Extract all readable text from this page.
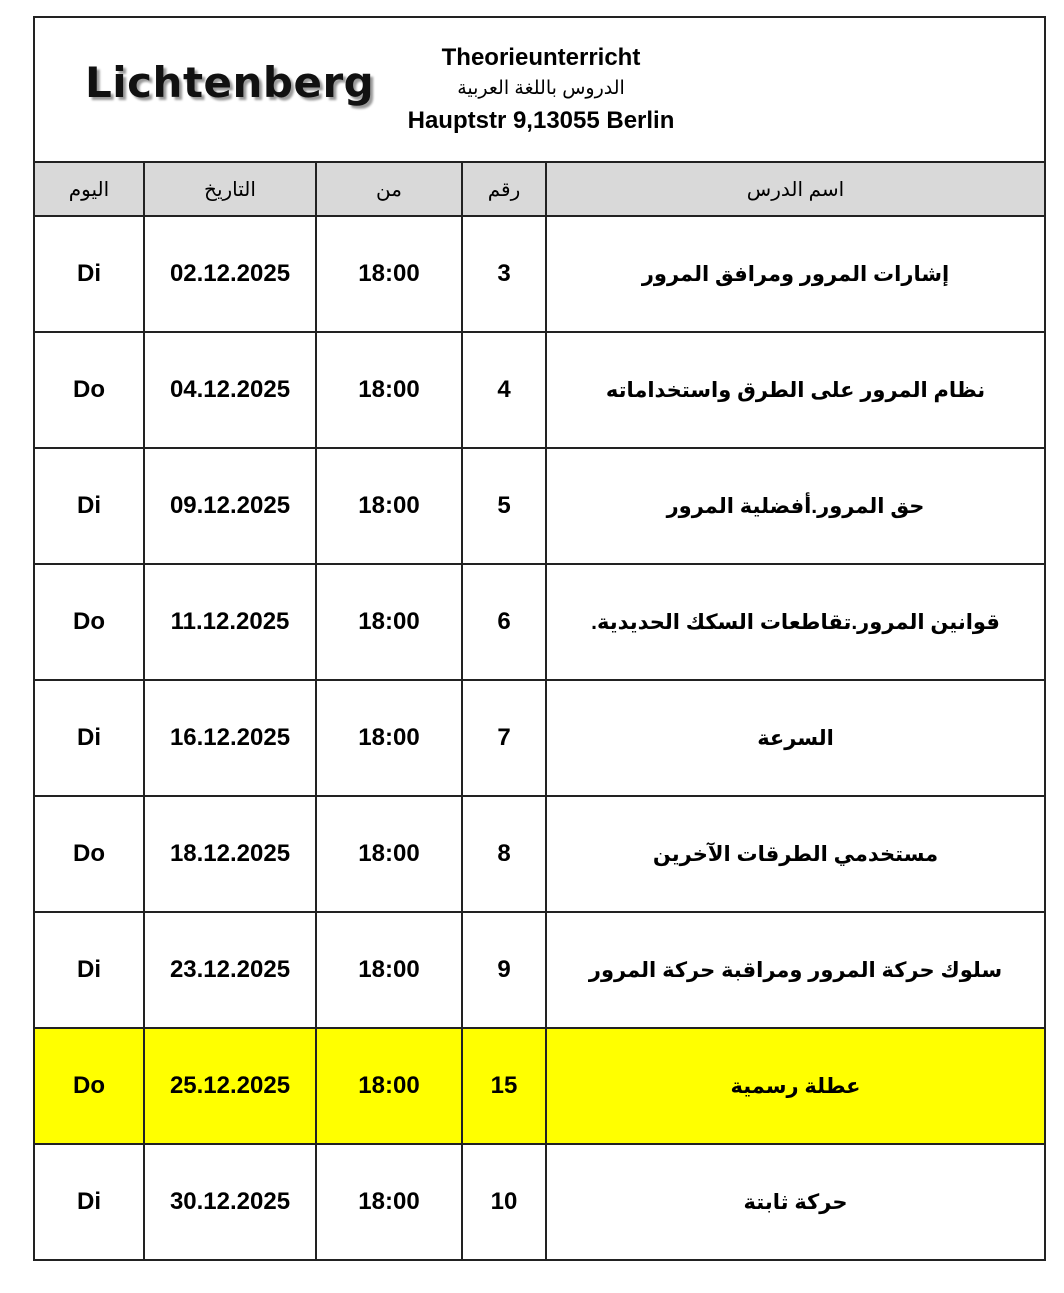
Lichtenberg
Theorieunterricht
الدروس باللغة العربية
Hauptstr 9,13055 Berlin
اليوم	التاريخ	من	رقم	اسم الدرس
Di	02.12.2025	18:00	3	إشارات المرور ومرافق المرور
Do	04.12.2025	18:00	4	نظام المرور على الطرق واستخداماته
Di	09.12.2025	18:00	5	حق المرور.أفضلية المرور
Do	11.12.2025	18:00	6	قوانين المرور.تقاطعات السكك الحديدية.
Di	16.12.2025	18:00	7	السرعة
Do	18.12.2025	18:00	8	مستخدمي الطرقات الآخرين
Di	23.12.2025	18:00	9	سلوك حركة المرور ومراقبة حركة المرور
Do	25.12.2025	18:00	15	عطلة رسمية
Di	30.12.2025	18:00	10	حركة ثابتة
